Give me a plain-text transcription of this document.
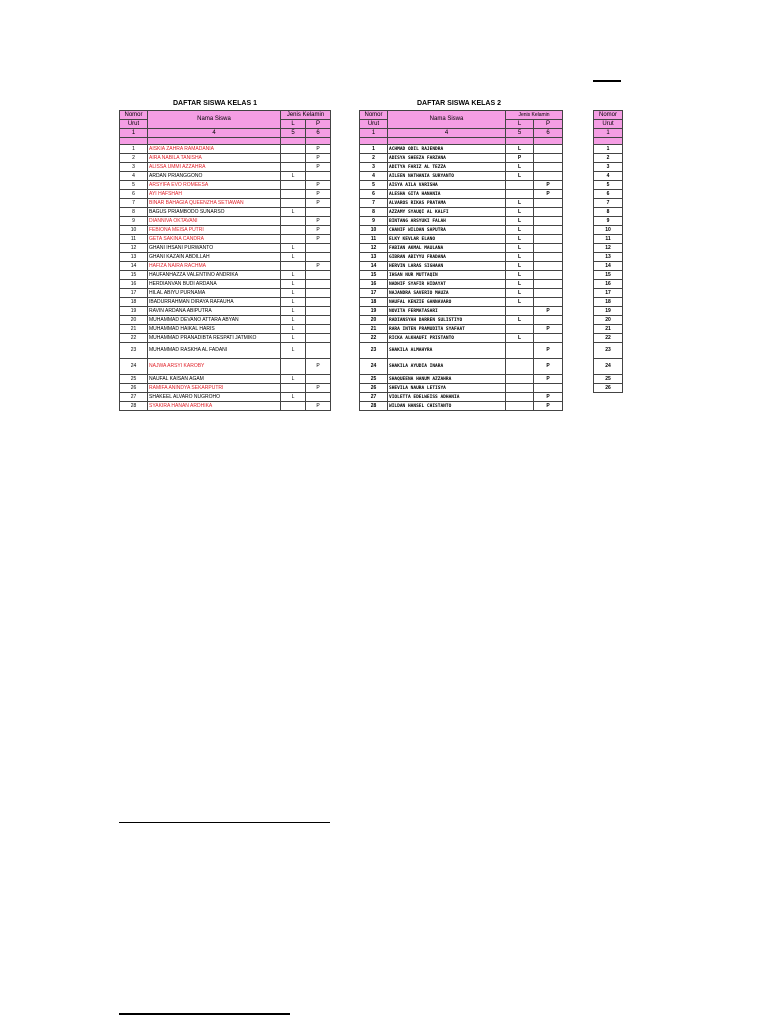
DAFTAR SISWA KELAS 1
Nomor	Nama Siswa	Jenis Kelamin	
Urut		L	P
1	4	5	6

1	AISKIA ZAHRA RAMADANIA		P
2	AIRA NABILA TANISHA		P
3	ALISSA UMMI AZZAHRA		P
4	ARDAN PRIANGGONO	L	
5	ARSYIFA EVO ROMEESA		P
6	AYI HAFSHAH		P
7	BINAR BAHAGIA QUEENZHA SETIAWAN		P
8	BAGUS PRIAMBODO SUNARSO	L	
9	DIANNIVA OKTAVANI		P
10	FEBIONA MEISA PUTRI		P
11	GETA SAKINA CANDRA		P
12	GHANI IHSANI PURWANTO	L	
13	GHANI KAZAIN ABDILLAH	L	
14	HAFIZA NAIRA RACHMA		P
15	HAUFANHAZZA VALENTINO ANDRIKA	L	
16	HERDIANVAN BUDI ARDANA	L	
17	HILAL ABIYU PURNAMA	L	
18	IBADURRAHMAN DIRAYA RAFAUHA	L	
19	RAVIN ARDANA ABIPUTRA	L	
20	MUHAMMAD DEVANO ATTARA ABYAN	L	
21	MUHAMMAD HAIKAL HARIS	L	
22	MUHAMMAD PRANADIBTA RESPATI JATMIKO	L	
23	MUHAMMAD RASKHA AL FADANI	L	
24	NAJWA ARSYI KAROBY		P
25	NAUFAL KAISAN AGAM	L	
26	RAMIFA ANINDYA SEKARPUTRI		P
27	SHAKEEL ALVARO NUGROHO	L	
28	SYAKIRA HANAN ARDHIKA		P
DAFTAR SISWA KELAS 2
Nomor	Nama Siswa	Jenis Kelamin	
Urut		L	P
1	4	5	6

1	ACHMAD ODIL RAJENDRA	L	
2	ADISYA SHEEZA FARZANA	P	
3	ADITYA FARIZ AL TEZZA	L	
4	AILEEN NATHANIA SURYANTO	L	
5	AISYA AILA VARISHA		P
6	ALESHA GITA HANANIA		P
7	ALVAROS RIKAS PRATAMA	L	
8	AZZAMY SYAUQI AL KALFI	L	
9	BINTANG ARSYUKI FALAH	L	
10	CHANIF WILDAN SAPUTRA	L	
11	ELKY KEVLAR ELANO	L	
12	FABIAN AKMAL MAULANA	L	
13	GIBRAN ABIYYU FRADANA	L	
14	HERVIN LARAS SIGHAAN	L	
15	IHSAN NUR MUTTAQIN	L	
16	NADHIF SYAFIR HIDAYAT	L	
17	NAJANDRA SAVERIO MAUZA	L	
18	NAUFAL KENZIE GANNAVARO	L	
19	NOVITA FERMATASARI		P
20	RADIANSYAH DARREN SULISTIYO	L	
21	RARA INTEN PRAMUDITA SYAFAAT		P
22	RICKA ALKHAUFI PRISTANTO	L	
23	SHAKILA ALMAHYRA		P
24	SHAKILA AYUDIA INARA		P
25	SHAQUEENA HANUM AZZAHRA		P
26	SHEVILA NAURA LETISYA		
27	VIOLETTA EDELWEISS ADHANIA		P
28	WILDAN HANSEL CHISTANTO		P
Nomor
Urut
1

1
2
3
4
5
6
7
8
9
10
11
12
13
14
15
16
17
18
19
20
21
22
23
24
25
26
